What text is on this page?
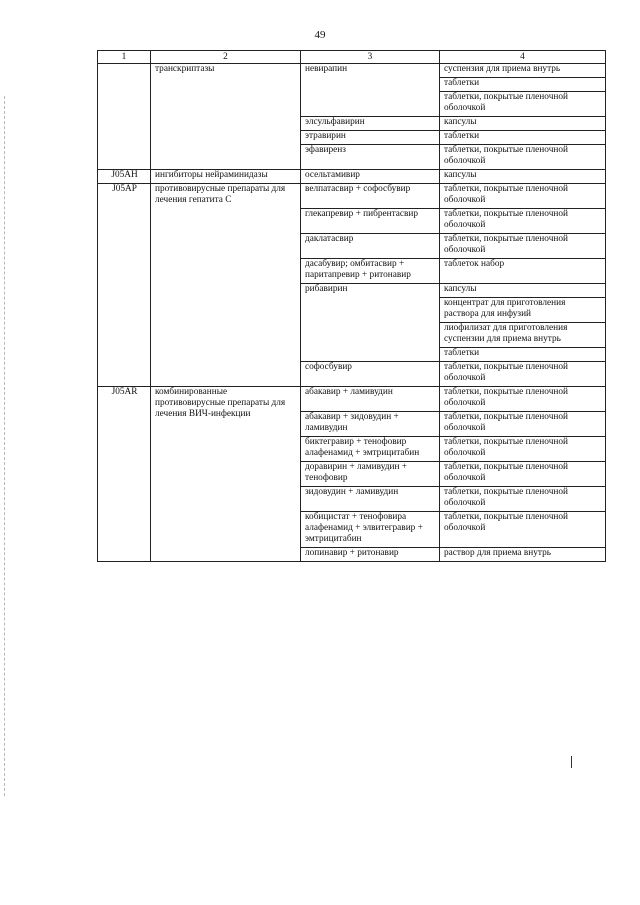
49
1	2	3	4
	транскриптазы	невирапин	суспензия для приема внутрь
			таблетки
			таблетки, покрытые пленочной оболочкой
		элсульфавирин	капсулы
		этравирин	таблетки
		эфавиренз	таблетки, покрытые пленочной оболочкой
J05AH	ингибиторы нейраминидазы	осельтамивир	капсулы
J05AP	противовирусные препараты для лечения гепатита С	велпатасвир + софосбувир	таблетки, покрытые пленочной оболочкой
		глекапревир + пибрентасвир	таблетки, покрытые пленочной оболочкой
		даклатасвир	таблетки, покрытые пленочной оболочкой
		дасабувир; омбитасвир + паритапревир + ритонавир	таблеток набор
		рибавирин	капсулы
			концентрат для приготовления раствора для инфузий
			лиофилизат для приготовления суспензии для приема внутрь
			таблетки
		софосбувир	таблетки, покрытые пленочной оболочкой
J05AR	комбинированные противовирусные препараты для лечения ВИЧ-инфекции	абакавир + ламивудин	таблетки, покрытые пленочной оболочкой
		абакавир + зидовудин + ламивудин	таблетки, покрытые пленочной оболочкой
		биктегравир + тенофовир алафенамид + эмтрицитабин	таблетки, покрытые пленочной оболочкой
		доравирин + ламивудин + тенофовир	таблетки, покрытые пленочной оболочкой
		зидовудин + ламивудин	таблетки, покрытые пленочной оболочкой
		кобицистат + тенофовира алафенамид + элвитегравир + эмтрицитабин	таблетки, покрытые пленочной оболочкой
		лопинавир + ритонавир	раствор для приема внутрь
